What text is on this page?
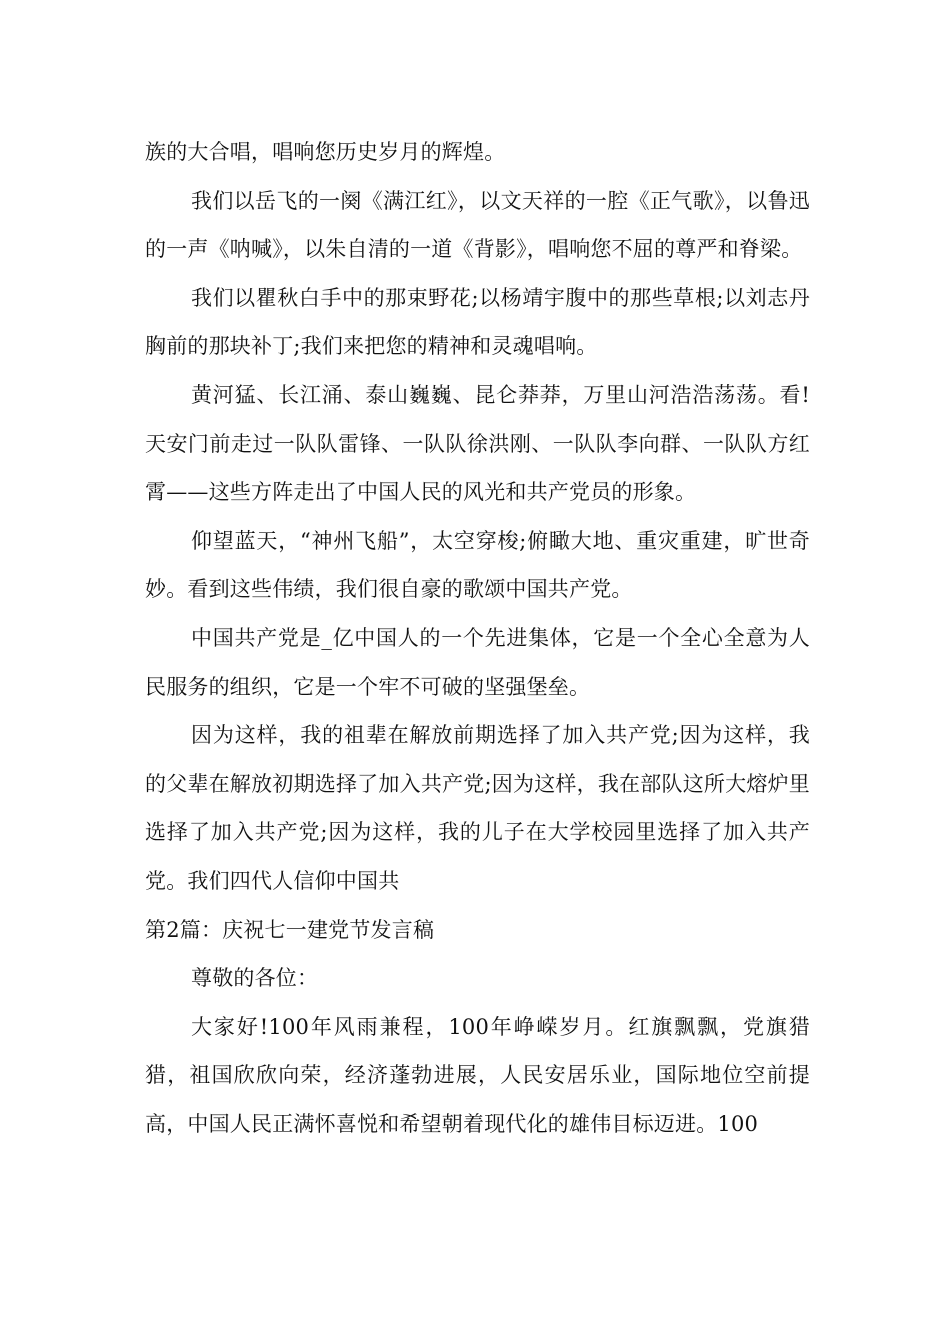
族的大合唱，唱响您历史岁月的辉煌。

我们以岳飞的一阕《满江红》，以文天祥的一腔《正气歌》，以鲁迅的一声《呐喊》，以朱自清的一道《背影》，唱响您不屈的尊严和脊梁。

我们以瞿秋白手中的那束野花;以杨靖宇腹中的那些草根;以刘志丹胸前的那块补丁;我们来把您的精神和灵魂唱响。

黄河猛、长江涌、泰山巍巍、昆仑莽莽，万里山河浩浩荡荡。看!天安门前走过一队队雷锋、一队队徐洪刚、一队队李向群、一队队方红霄——这些方阵走出了中国人民的风光和共产党员的形象。

仰望蓝天，“神州飞船”，太空穿梭;俯瞰大地、重灾重建，旷世奇妙。看到这些伟绩，我们很自豪的歌颂中国共产党。

中国共产党是_亿中国人的一个先进集体，它是一个全心全意为人民服务的组织，它是一个牢不可破的坚强堡垒。

因为这样，我的祖辈在解放前期选择了加入共产党;因为这样，我的父辈在解放初期选择了加入共产党;因为这样，我在部队这所大熔炉里选择了加入共产党;因为这样，我的儿子在大学校园里选择了加入共产党。我们四代人信仰中国共

第2篇：庆祝七一建党节发言稿

尊敬的各位：

大家好!100年风雨兼程，100年峥嵘岁月。红旗飘飘，党旗猎猎，祖国欣欣向荣，经济蓬勃进展，人民安居乐业，国际地位空前提高，中国人民正满怀喜悦和希望朝着现代化的雄伟目标迈进。100
